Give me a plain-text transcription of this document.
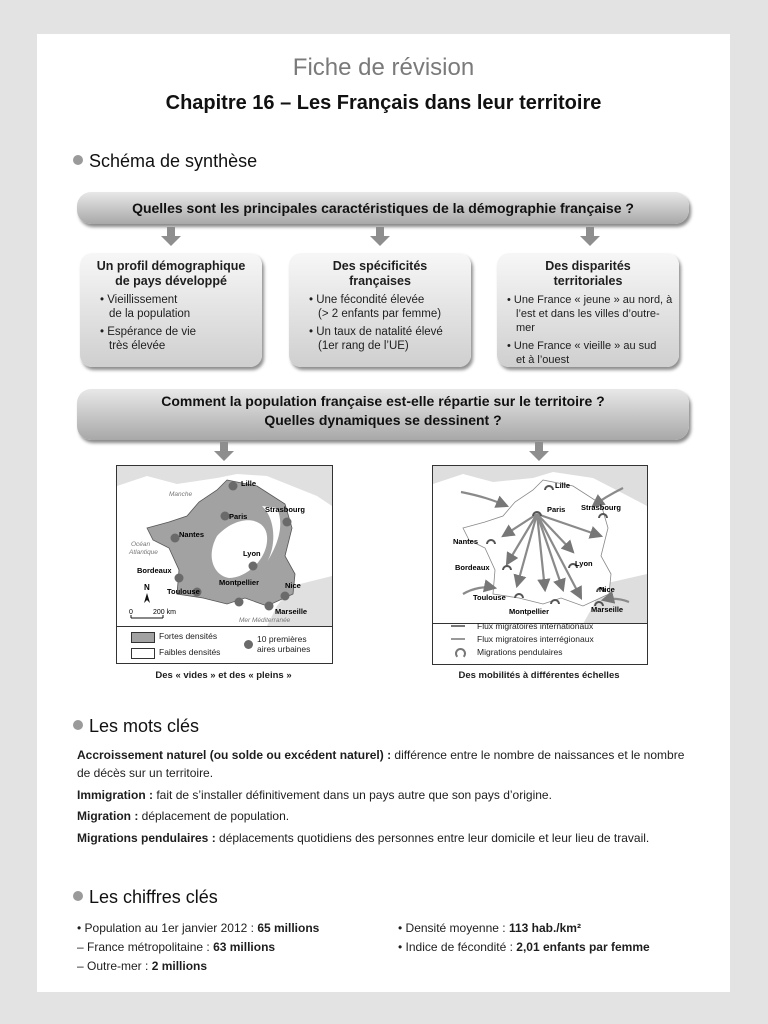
Fiche de révision
Chapitre 16 – Les Français dans leur territoire
Schéma de synthèse
Quelles sont les principales caractéristiques de la démographie française ?
Un profil démographique
de pays développé
• Vieillissement
de la population
• Espérance de vie
très élevée
Des spécificités
françaises
• Une fécondité élevée
(> 2 enfants par femme)
• Un taux de natalité élevé
(1er rang de l’UE)
Des disparités
territoriales
• Une France « jeune » au nord, à
l’est et dans les villes d’outre-mer
• Une France « vieille » au sud
et à l’ouest
Comment la population française est-elle répartie sur le territoire ?
Quelles dynamiques se dessinent ?
Manche
Océan
Atlantique
Mer Méditerranée
Lille
Paris
Strasbourg
Nantes
Lyon
Bordeaux
Toulouse
Montpellier	Nice
Marseille
N
0	200 km
Fortes densités
Faibles densités
10 premières
aires urbaines
Des « vides » et des « pleins »
Lille
Paris Strasbourg
Nantes
Lyon
Bordeaux
Nice
Toulouse
Montpellier	Marseille
Flux migratoires internationaux
Flux migratoires interrégionaux
Migrations pendulaires
Des mobilités à différentes échelles
Les mots clés
Accroissement naturel (ou solde ou excédent naturel) : différence entre le nombre de naissances et le nombre de décès sur un territoire.
Immigration : fait de s’installer définitivement dans un pays autre que son pays d’origine.
Migration : déplacement de population.
Migrations pendulaires : déplacements quotidiens des personnes entre leur domicile et leur lieu de travail.
Les chiffres clés
• Population au 1er janvier 2012 : 65 millions
– France métropolitaine : 63 millions
– Outre-mer : 2 millions
• Densité moyenne : 113 hab./km²
• Indice de fécondité : 2,01 enfants par femme
